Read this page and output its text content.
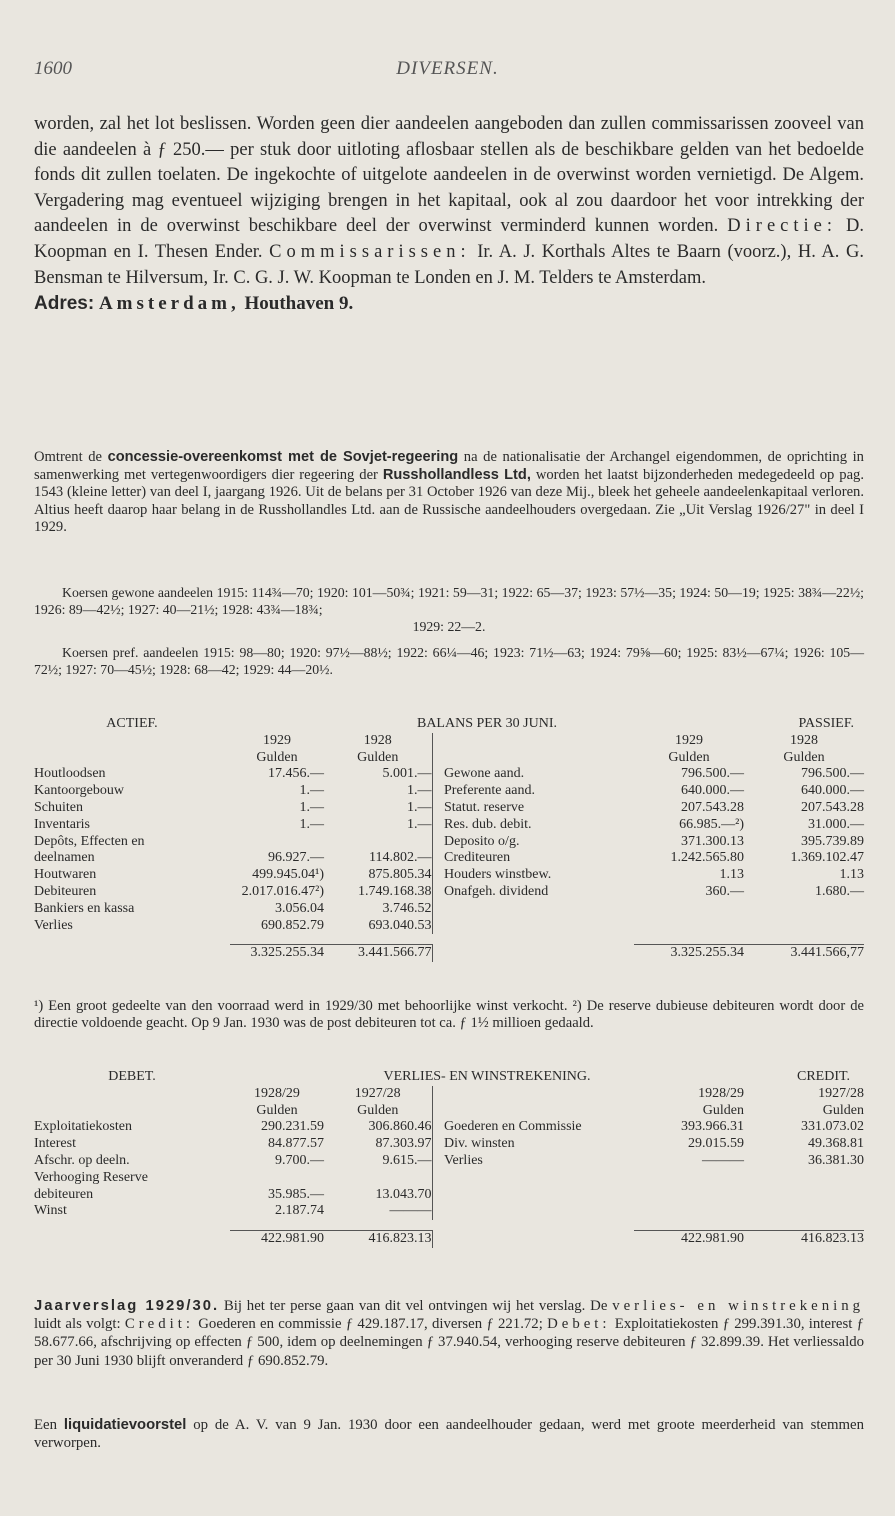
1600	DIVERSEN.

worden, zal het lot beslissen. Worden geen dier aandeelen aangeboden dan zullen commissarissen zooveel van die aandeelen à ƒ 250.— per stuk door uitloting aflosbaar stellen als de beschikbare gelden van het bedoelde fonds dit zullen toelaten. De ingekochte of uitgelote aandeelen in de overwinst worden vernietigd. De Algem. Vergadering mag eventueel wijziging brengen in het kapitaal, ook al zou daardoor het voor intrekking der aandeelen in de overwinst beschikbare deel der overwinst verminderd kunnen worden. Directie: D. Koopman en I. Thesen Ender. Commissarissen: Ir. A. J. Korthals Altes te Baarn (voorz.), H. A. G. Bensman te Hilversum, Ir. C. G. J. W. Koopman te Londen en J. M. Telders te Amsterdam.

Adres: Amsterdam, Houthaven 9.

Omtrent de concessie-overeenkomst met de Sovjet-regeering na de nationalisatie der Archangel eigendommen, de oprichting in samenwerking met vertegenwoordigers dier regeering der Russhollandless Ltd, worden het laatst bijzonderheden medegedeeld op pag. 1543 (kleine letter) van deel I, jaargang 1926. Uit de belans per 31 October 1926 van deze Mij., bleek het geheele aandeelenkapitaal verloren. Altius heeft daarop haar belang in de Russhollandles Ltd. aan de Russische aandeelhouders overgedaan. Zie „Uit Verslag 1926/27" in deel I 1929.

Koersen gewone aandeelen 1915: 114¾—70; 1920: 101—50¾; 1921: 59—31; 1922: 65—37; 1923: 57½—35; 1924: 50—19; 1925: 38¾—22½; 1926: 89—42½; 1927: 40—21½; 1928: 43¾—18¾;

1929: 22—2.

Koersen pref. aandeelen 1915: 98—80; 1920: 97½—88½; 1922: 66¼—46; 1923: 71½—63; 1924: 79⅝—60; 1925: 83½—67¼; 1926: 105—72½; 1927: 70—45½; 1928: 68—42; 1929: 44—20½.

ACTIEF.	BALANS PER 30 JUNI.					PASSIEF.
	1929	1928			1929	1928
	Gulden	Gulden			Gulden	Gulden
Houtloodsen	17.456.—	5.001.—		Gewone aand.	796.500.—	796.500.—
Kantoorgebouw	1.—	1.—		Preferente aand.	640.000.—	640.000.—
Schuiten	1.—	1.—		Statut. reserve	207.543.28	207.543.28
Inventaris	1.—	1.—		Res. dub. debit.	66.985.—²)	31.000.—
Depôts, Effecten en				Deposito o/g.	371.300.13	395.739.89
deelnamen	96.927.—	114.802.—		Crediteuren	1.242.565.80	1.369.102.47
Houtwaren	499.945.04¹)	875.805.34		Houders winstbew.	1.13	1.13
Debiteuren	2.017.016.47²)	1.749.168.38		Onafgeh. dividend	360.—	1.680.—
Bankiers en kassa	3.056.04	3.746.52				
Verlies	690.852.79	693.040.53				

	3.325.255.34	3.441.566.77			3.325.255.34	3.441.566,77

¹) Een groot gedeelte van den voorraad werd in 1929/30 met behoorlijke winst verkocht. ²) De reserve dubieuse debiteuren wordt door de directie voldoende geacht. Op 9 Jan. 1930 was de post debiteuren tot ca. ƒ 1½ millioen gedaald.

DEBET.	VERLIES- EN WINSTREKENING.					CREDIT.
	1928/29	1927/28			1928/29	1927/28
	Gulden	Gulden			Gulden	Gulden
Exploitatiekosten	290.231.59	306.860.46		Goederen en Commissie	393.966.31	331.073.02
Interest	84.877.57	87.303.97		Div. winsten	29.015.59	49.368.81
Afschr. op deeln.	9.700.—	9.615.—		Verlies	———	36.381.30
Verhooging Reserve						
debiteuren	35.985.—	13.043.70				
Winst	2.187.74	———				

	422.981.90	416.823.13			422.981.90	416.823.13

Jaarverslag 1929/30. Bij het ter perse gaan van dit vel ontvingen wij het verslag. De verlies- en winstrekening luidt als volgt: Credit: Goederen en commissie ƒ 429.187.17, diversen ƒ 221.72; Debet: Exploitatiekosten ƒ 299.391.30, interest ƒ 58.677.66, afschrijving op effecten ƒ 500, idem op deelnemingen ƒ 37.940.54, verhooging reserve debiteuren ƒ 32.899.39. Het verliessaldo per 30 Juni 1930 blijft onveranderd ƒ 690.852.79.

Een liquidatievoorstel op de A. V. van 9 Jan. 1930 door een aandeelhouder gedaan, werd met groote meerderheid van stemmen verworpen.
